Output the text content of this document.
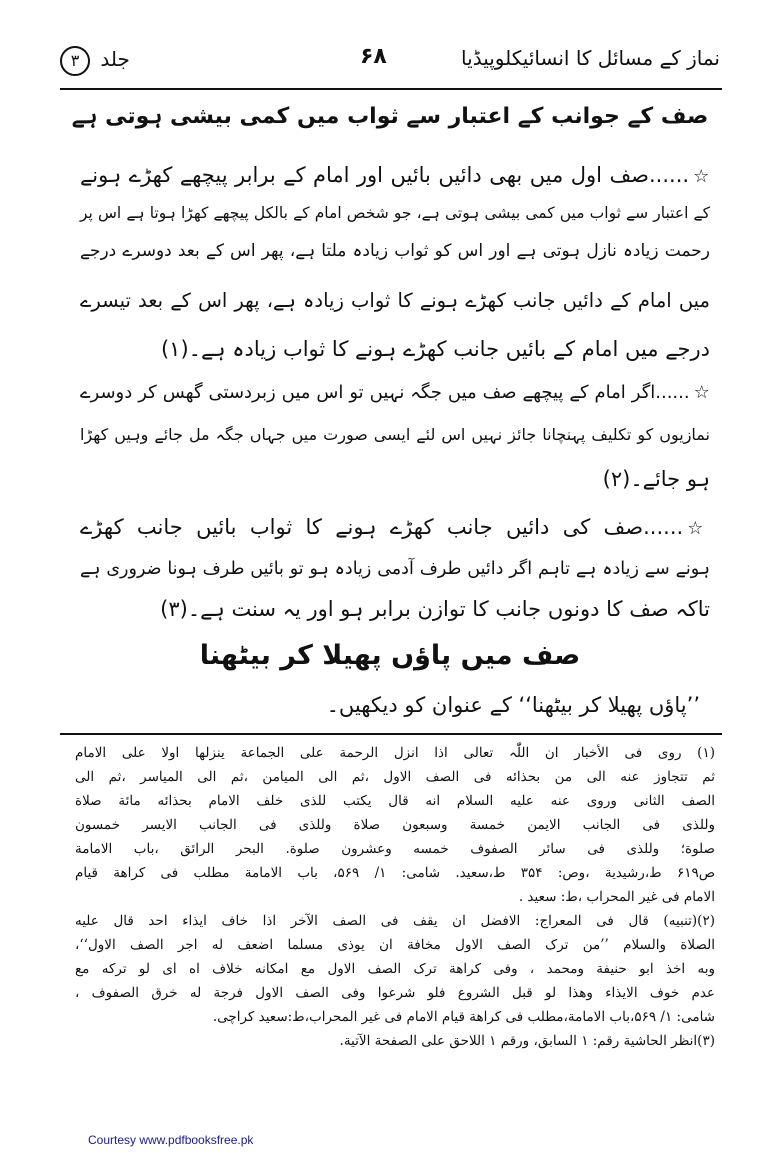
نماز کے مسائل کا انسائیکلوپیڈیا
۶۸
جلد ۳
صف کے جوانب کے اعتبار سے ثواب میں کمی بیشی ہوتی ہے
☆......صف اول میں بھی دائیں بائیں اور امام کے برابر پیچھے کھڑے ہونے
کے اعتبار سے ثواب میں کمی بیشی ہوتی ہے، جو شخص امام کے بالکل پیچھے کھڑا ہوتا ہے اس پر
رحمت زیادہ نازل ہوتی ہے اور اس کو ثواب زیادہ ملتا ہے، پھر اس کے بعد دوسرے درجے
میں امام کے دائیں جانب کھڑے ہونے کا ثواب زیادہ ہے، پھر اس کے بعد تیسرے
درجے میں امام کے بائیں جانب کھڑے ہونے کا ثواب زیادہ ہے۔(۱)
☆......اگر امام کے پیچھے صف میں جگہ نہیں تو اس میں زبردستی گھس کر دوسرے
نمازیوں کو تکلیف پہنچانا جائز نہیں اس لئے ایسی صورت میں جہاں جگہ مل جائے وہیں کھڑا
ہو جائے۔(۲)
☆......صف کی دائیں جانب کھڑے ہونے کا ثواب بائیں جانب کھڑے
ہونے سے زیادہ ہے تاہم اگر دائیں طرف آدمی زیادہ ہو تو بائیں طرف ہونا ضروری ہے
تاکہ صف کا دونوں جانب کا توازن برابر ہو اور یہ سنت ہے۔(۳)
صف میں پاؤں پھیلا کر بیٹھنا
’’پاؤں پھیلا کر بیٹھنا‘‘ کے عنوان کو دیکھیں۔
(۱) روی فی الأخبار ان اللّٰہ تعالی اذا انزل الرحمة علی الجماعة ینزلها اولا علی الامام
ثم تتجاوز عنه الی من بحذائه فی الصف الاول ،ثم الی المیامن ،ثم الی المیاسر ،ثم الی
الصف الثانی وروی عنه علیه السلام انه قال یکتب للذی خلف الامام بحذائه مائة صلاة
وللذی فی الجانب الایمن خمسة وسبعون صلاة وللذی فی الجانب الایسر خمسون
صلوة؛ وللذی فی سائر الصفوف خمسه وعشرون صلوة. البحر الرائق ،باب الامامة
ص۶۱۹ ط،رشیدیة ،وص: ۳۵۴ ط،سعید. شامی: ۱/ ۵۶۹، باب الامامة مطلب فی کراهة قیام
الامام فی غیر المحراب ،ط: سعید .
(۲)(تنبیه) قال فی المعراج: الافضل ان یقف فی الصف الآخر اذا خاف ایذاء احد قال علیه
الصلاة والسلام ’’من ترک الصف الاول مخافة ان یوذی مسلما اضعف له اجر الصف الاول‘‘،
وبه اخذ ابو حنیفة ومحمد ، وفی کراهة ترک الصف الاول مع امکانه خلاف اه ای لو ترکه مع
عدم خوف الایذاء وهذا لو قبل الشروع فلو شرعوا وفی الصف الاول فرجة له خرق الصفوف ،
شامی: ۱/ ۵۶۹،باب الامامة،مطلب فی کراهة قیام الامام فی غیر المحراب،ط:سعید کراچی.
(۳)انظر الحاشیة رقم: ۱ السابق، ورقم ۱ اللاحق علی الصفحة الآتیة.
Courtesy www.pdfbooksfree.pk
